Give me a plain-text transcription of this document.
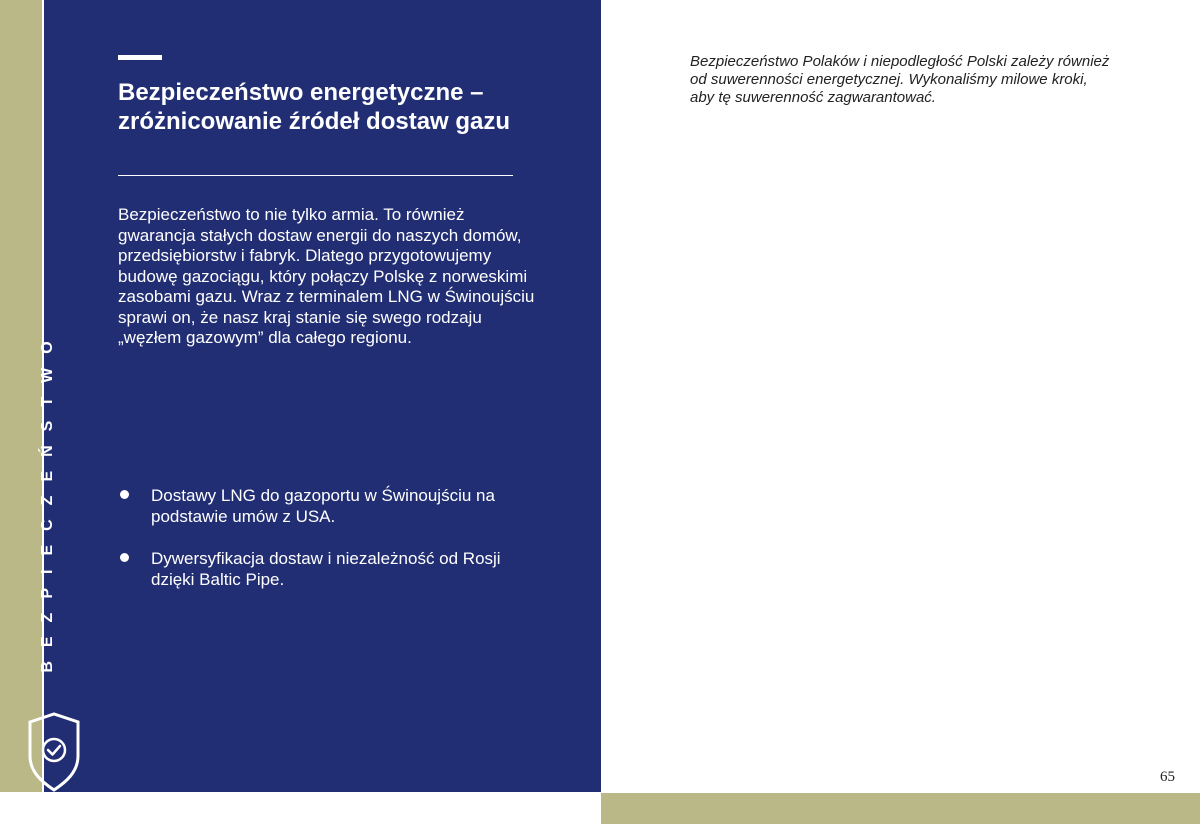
BEZPIECZEŃSTWO
Bezpieczeństwo energetyczne –
zróżnicowanie źródeł dostaw gazu
Bezpieczeństwo to nie tylko armia. To również gwarancja stałych dostaw energii do naszych domów, przedsiębiorstw i fabryk. Dlatego przygotowujemy budowę gazociągu, który połączy Polskę z norweskimi zasobami gazu. Wraz z terminalem LNG w Świnoujściu sprawi on, że nasz kraj stanie się swego rodzaju „węzłem gazowym” dla całego regionu.
Dostawy LNG do gazoportu w Świnoujściu na podstawie umów z USA.
Dywersyfikacja dostaw i niezależność od Rosji dzięki Baltic Pipe.
Bezpieczeństwo Polaków i niepodległość Polski zależy również od suwerenności energetycznej. Wykonaliśmy milowe kroki, aby tę suwerenność zagwarantować.
65
